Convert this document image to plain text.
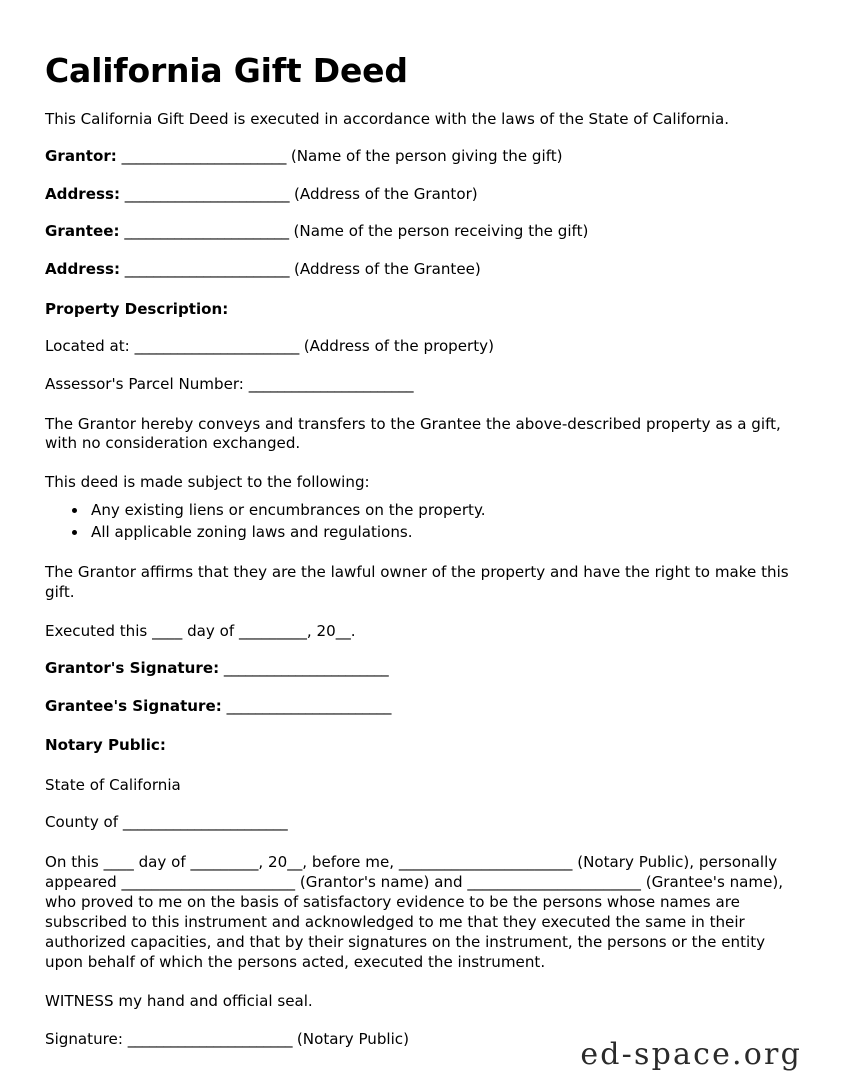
California Gift Deed

This California Gift Deed is executed in accordance with the laws of the State of California.

Grantor: _______________________ (Name of the person giving the gift)

Address: _______________________ (Address of the Grantor)

Grantee: _______________________ (Name of the person receiving the gift)

Address: _______________________ (Address of the Grantee)

Property Description:

Located at: _______________________ (Address of the property)

Assessor's Parcel Number: _______________________

The Grantor hereby conveys and transfers to the Grantee the above-described property as a gift, with no consideration exchanged.

This deed is made subject to the following:

• Any existing liens or encumbrances on the property.
• All applicable zoning laws and regulations.

The Grantor affirms that they are the lawful owner of the property and have the right to make this gift.

Executed this ____ day of _________, 20__.

Grantor's Signature: _______________________

Grantee's Signature: _______________________

Notary Public:

State of California

County of _______________________

On this ____ day of _________, 20__, before me, _______________________ (Notary Public), personally appeared _______________________ (Grantor's name) and _______________________ (Grantee's name), who proved to me on the basis of satisfactory evidence to be the persons whose names are subscribed to this instrument and acknowledged to me that they executed the same in their authorized capacities, and that by their signatures on the instrument, the persons or the entity upon behalf of which the persons acted, executed the instrument.

WITNESS my hand and official seal.

Signature: _______________________ (Notary Public)	ed-space.org
